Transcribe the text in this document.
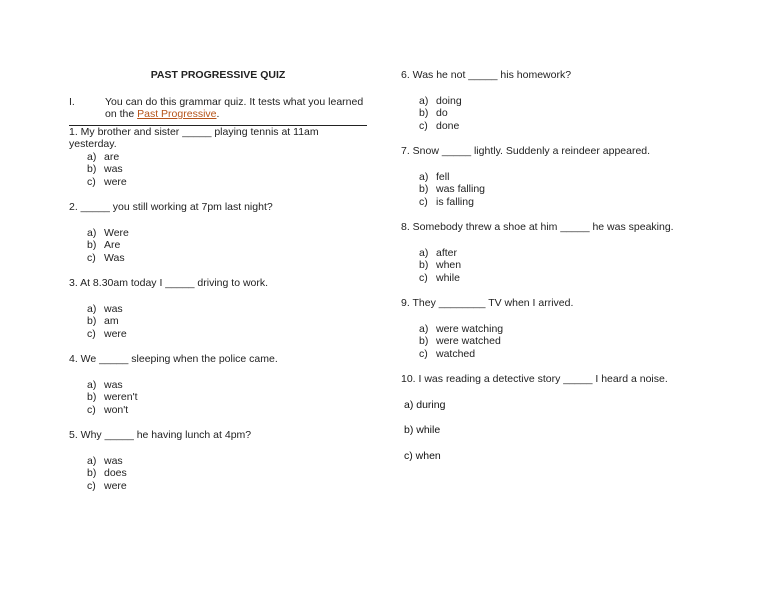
PAST PROGRESSIVE QUIZ
I.	You can do this grammar quiz. It tests what you learned on the Past Progressive.
1. My brother and sister _____ playing tennis at 11am yesterday.
a) are
b) was
c) were
2. _____ you still working at 7pm last night?
a) Were
b) Are
c) Was
3. At 8.30am today I _____ driving to work.
a) was
b) am
c) were
4. We _____ sleeping when the police came.
a) was
b) weren't
c) won't
5. Why _____ he having lunch at 4pm?
a) was
b) does
c) were
6. Was he not _____ his homework?
a) doing
b) do
c) done
7. Snow _____ lightly. Suddenly a reindeer appeared.
a) fell
b) was falling
c) is falling
8. Somebody threw a shoe at him _____ he was speaking.
a) after
b) when
c) while
9. They ________ TV when I arrived.
a) were watching
b) were watched
c) watched
10. I was reading a detective story _____ I heard a noise.
a) during
b) while
c) when
